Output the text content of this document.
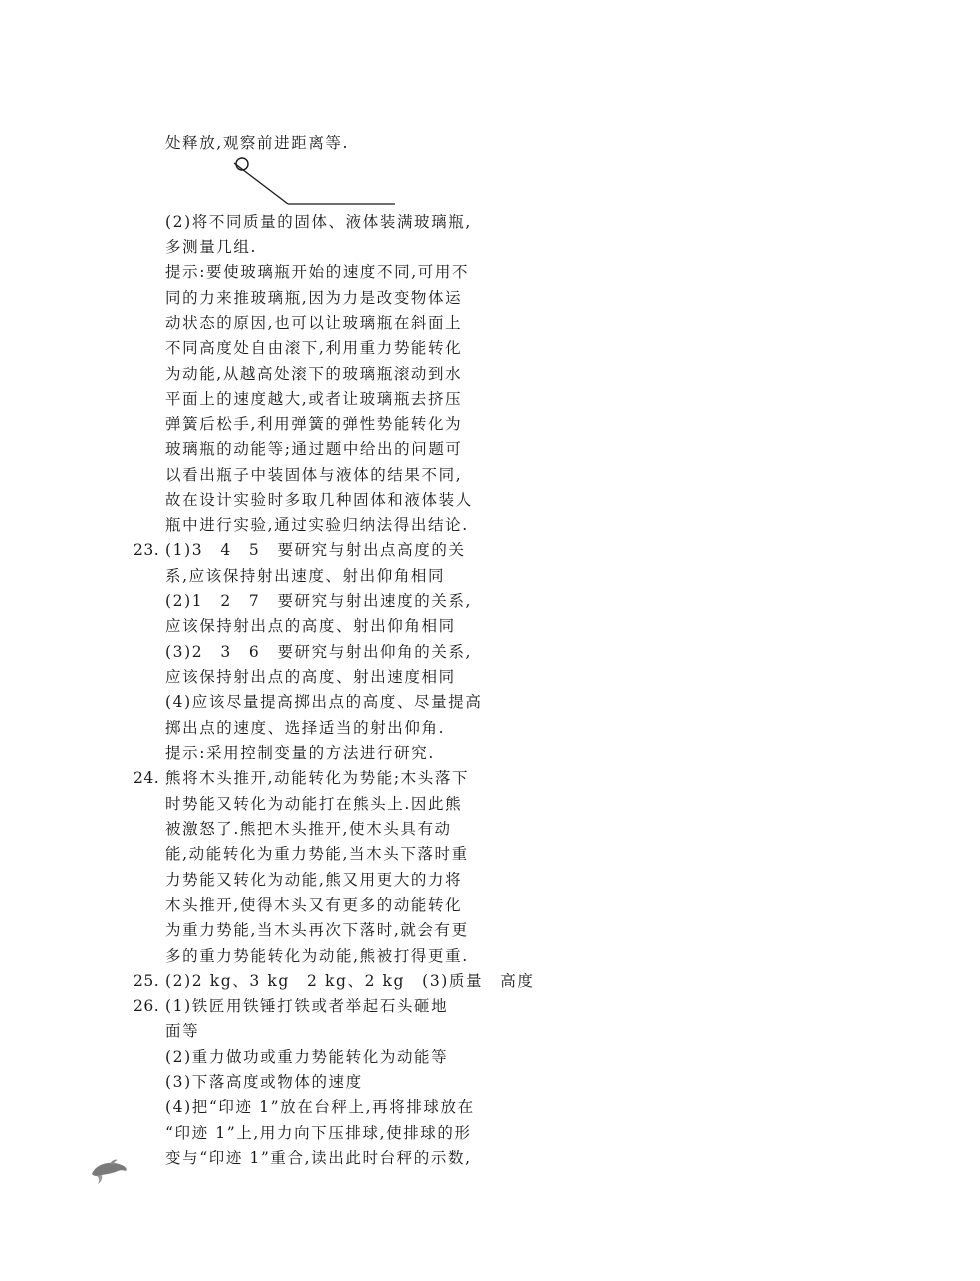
处释放,观察前进距离等.
(2)将不同质量的固体、液体装满玻璃瓶,
多测量几组.
提示:要使玻璃瓶开始的速度不同,可用不
同的力来推玻璃瓶,因为力是改变物体运
动状态的原因,也可以让玻璃瓶在斜面上
不同高度处自由滚下,利用重力势能转化
为动能,从越高处滚下的玻璃瓶滚动到水
平面上的速度越大,或者让玻璃瓶去挤压
弹簧后松手,利用弹簧的弹性势能转化为
玻璃瓶的动能等;通过题中给出的问题可
以看出瓶子中装固体与液体的结果不同,
故在设计实验时多取几种固体和液体装人
瓶中进行实验,通过实验归纳法得出结论.
23. (1)3　4　5　要研究与射出点高度的关
系,应该保持射出速度、射出仰角相同
(2)1　2　7　要研究与射出速度的关系,
应该保持射出点的高度、射出仰角相同
(3)2　3　6　要研究与射出仰角的关系,
应该保持射出点的高度、射出速度相同
(4)应该尽量提高掷出点的高度、尽量提高
掷出点的速度、选择适当的射出仰角.
提示:采用控制变量的方法进行研究.
24. 熊将木头推开,动能转化为势能;木头落下
时势能又转化为动能打在熊头上.因此熊
被激怒了.熊把木头推开,使木头具有动
能,动能转化为重力势能,当木头下落时重
力势能又转化为动能,熊又用更大的力将
木头推开,使得木头又有更多的动能转化
为重力势能,当木头再次下落时,就会有更
多的重力势能转化为动能,熊被打得更重.
25. (2)2 kg、3 kg　2 kg、2 kg　(3)质量　高度
26. (1)铁匠用铁锤打铁或者举起石头砸地
面等
(2)重力做功或重力势能转化为动能等
(3)下落高度或物体的速度
(4)把“印迹 1”放在台秤上,再将排球放在
“印迹 1”上,用力向下压排球,使排球的形
变与“印迹 1”重合,读出此时台秤的示数,
